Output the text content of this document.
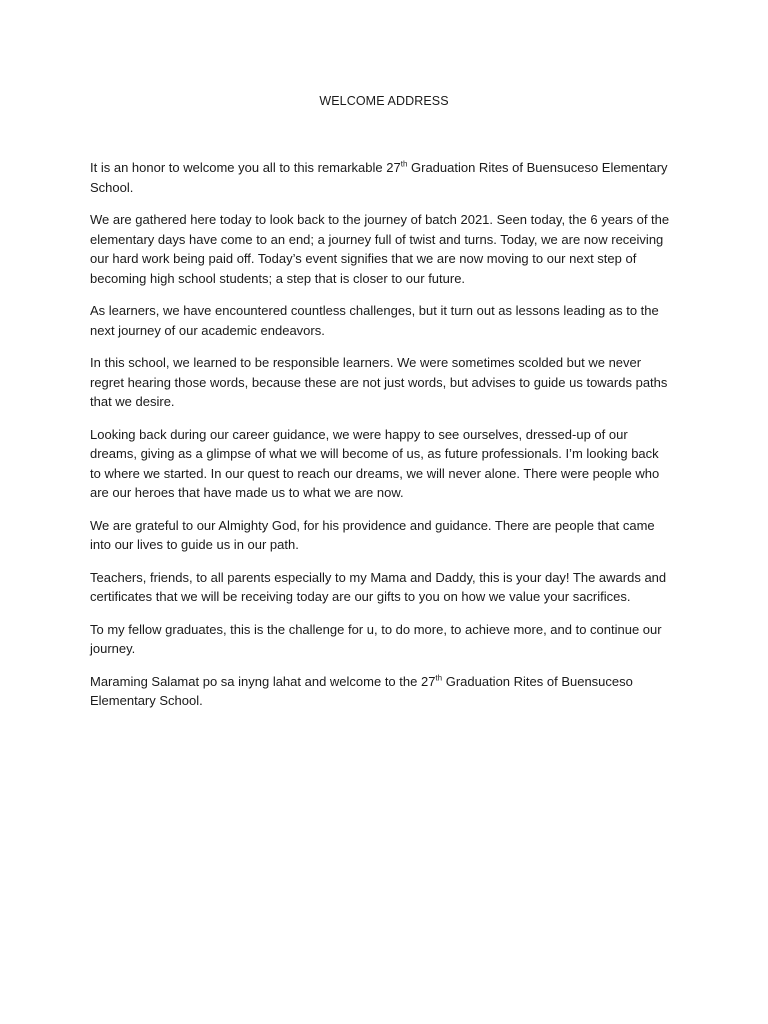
WELCOME ADDRESS

It is an honor to welcome you all to this remarkable 27th Graduation Rites of Buensuceso Elementary School.

We are gathered here today to look back to the journey of batch 2021. Seen today, the 6 years of the elementary days have come to an end; a journey full of twist and turns. Today, we are now receiving our hard work being paid off. Today’s event signifies that we are now moving to our next step of becoming high school students; a step that is closer to our future.

As learners, we have encountered countless challenges, but it turn out as lessons leading as to the next journey of our academic endeavors.

In this school, we learned to be responsible learners. We were sometimes scolded but we never regret hearing those words, because these are not just words, but advises to guide us towards paths that we desire.

Looking back during our career guidance, we were happy to see ourselves, dressed-up of our dreams, giving as a glimpse of what we will become of us, as future professionals. I’m looking back to where we started. In our quest to reach our dreams, we will never alone. There were people who are our heroes that have made us to what we are now.

We are grateful to our Almighty God, for his providence and guidance. There are people that came into our lives to guide us in our path.

Teachers, friends, to all parents especially to my Mama and Daddy, this is your day! The awards and certificates that we will be receiving today are our gifts to you on how we value your sacrifices.

To my fellow graduates, this is the challenge for u, to do more, to achieve more, and to continue our journey.

Maraming Salamat po sa inyng lahat and welcome to the 27th Graduation Rites of Buensuceso Elementary School.
